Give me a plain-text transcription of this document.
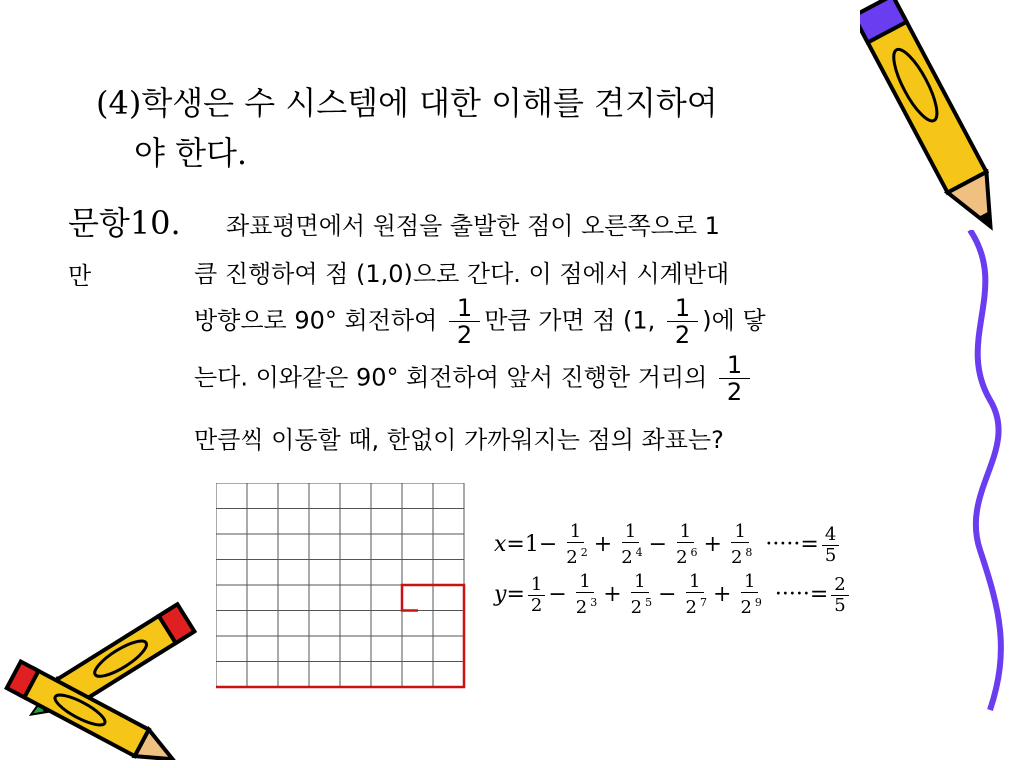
(4)학생은 수 시스템에 대한 이해를 견지하여
야 한다.
문항10.
만
좌표평면에서 원점을 출발한 점이 오른쪽으로 1
큼 진행하여 점 (1,0)으로 간다. 이 점에서 시계반대
방향으로 90° 회전하여 $\frac{1}{2}$ 만큼 가면 점 (1, $\frac{1}{2}$ )에 닿
는다. 이와같은 90° 회전하여 앞서 진행한 거리의 $\frac{1}{2}$
만큼씩 이동할 때, 한없이 가까워지는 점의 좌표는?
$x=1- \frac{1}{2 ^2} + \frac{1}{2 ^4} - \frac{1}{2 ^6} + \frac{1}{2 ^8}$ ·····= $\frac{4}{5}$
$y= \frac{1}{2} - \frac{1}{2 ^3} + \frac{1}{2 ^5} - \frac{1}{2 ^7} + \frac{1}{2 ^9}$ ·····= $\frac{2}{5}$
